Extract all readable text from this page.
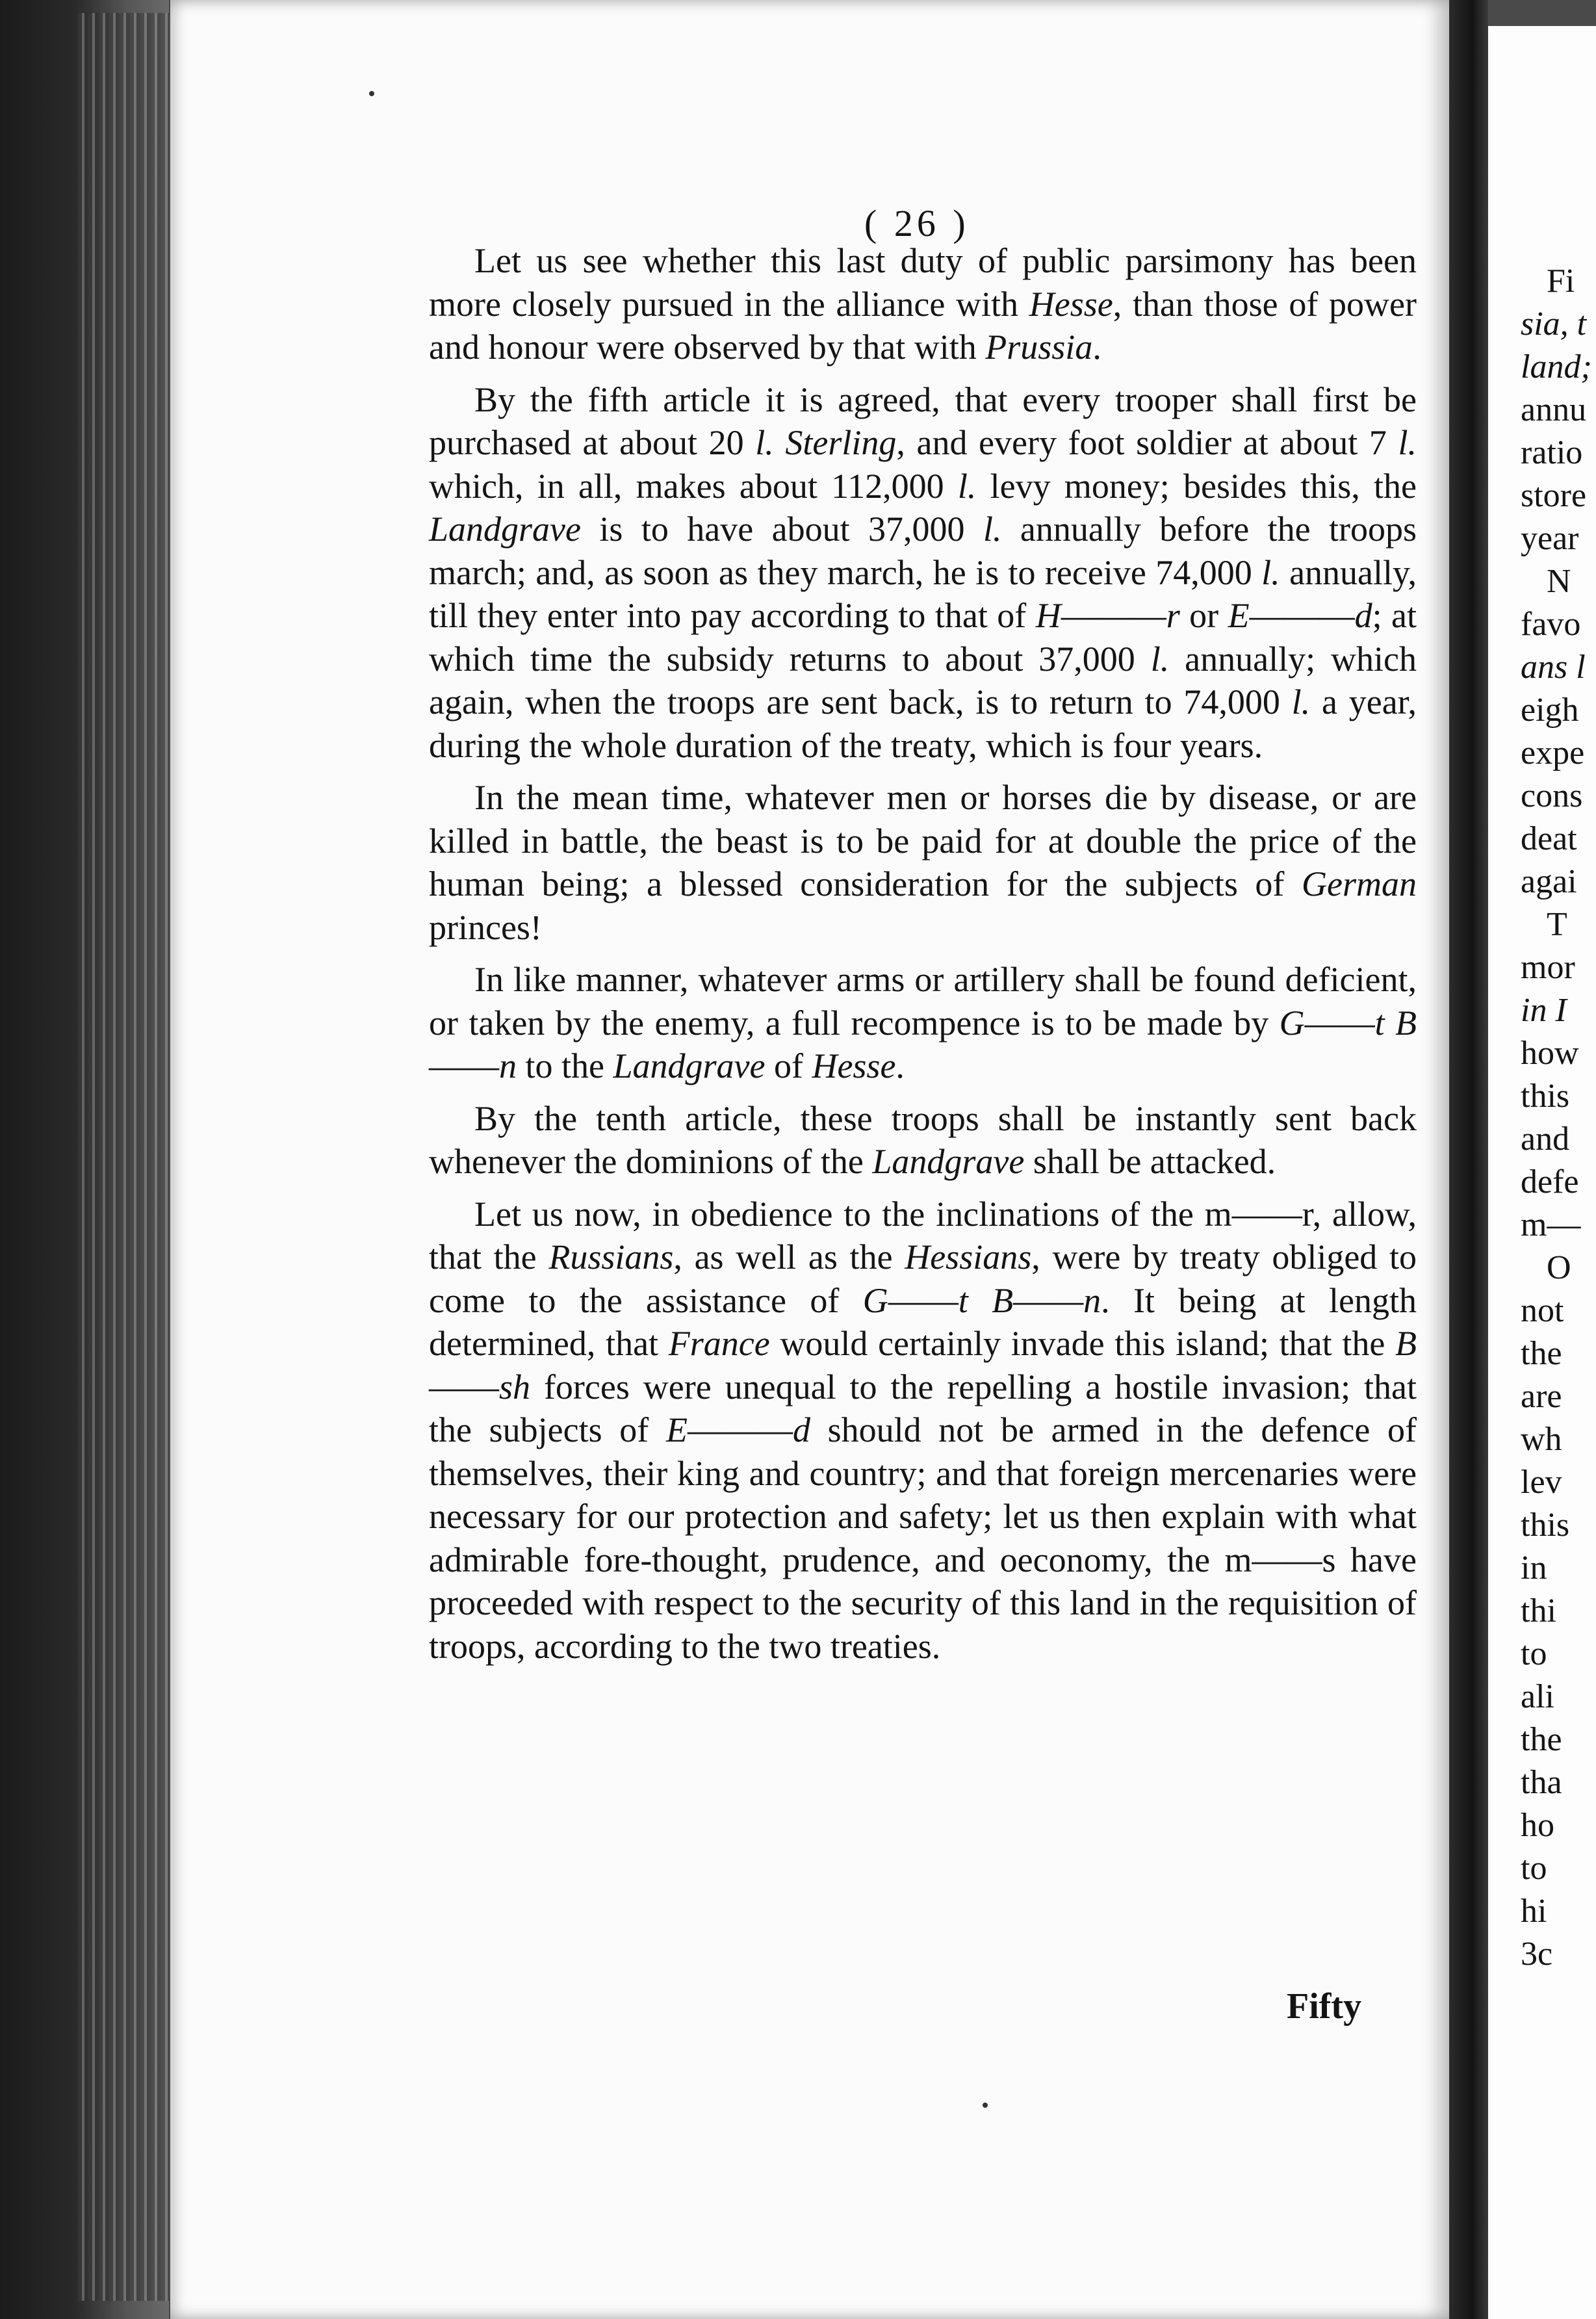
( 26 )

Let us see whether this last duty of public parsimony has been more closely pursued in the alliance with Hesse, than those of power and honour were observed by that with Prussia.

By the fifth article it is agreed, that every trooper shall first be purchased at about 20 l. Sterling, and every foot soldier at about 7 l. which, in all, makes about 112,000 l. levy money; besides this, the Landgrave is to have about 37,000 l. annually before the troops march; and, as soon as they march, he is to receive 74,000 l. annually, till they enter into pay according to that of H———r or E———d; at which time the subsidy returns to about 37,000 l. annually; which again, when the troops are sent back, is to return to 74,000 l. a year, during the whole duration of the treaty, which is four years.

In the mean time, whatever men or horses die by disease, or are killed in battle, the beast is to be paid for at double the price of the human being; a blessed consideration for the subjects of German princes!

In like manner, whatever arms or artillery shall be found deficient, or taken by the enemy, a full recompence is to be made by G——t B——n to the Landgrave of Hesse.

By the tenth article, these troops shall be instantly sent back whenever the dominions of the Landgrave shall be attacked.

Let us now, in obedience to the inclinations of the m——r, allow, that the Russians, as well as the Hessians, were by treaty obliged to come to the assistance of G——t B——n. It being at length determined, that France would certainly invade this island; that the B——sh forces were unequal to the repelling a hostile invasion; that the subjects of E———d should not be armed in the defence of themselves, their king and country; and that foreign mercenaries were necessary for our protection and safety; let us then explain with what admirable fore-thought, prudence, and oeconomy, the m——s have proceeded with respect to the security of this land in the requisition of troops, according to the two treaties.

Fifty
Fi
sia, t
land;
annu
ratio
store
year
N
favo
ans l
eigh
expe
cons
deat
agai
T
mor
in I
how
this
and
defe
m—
O
not
the
are
wh
lev
this
in
thi
to
ali
the
tha
ho
to
hi
3c
